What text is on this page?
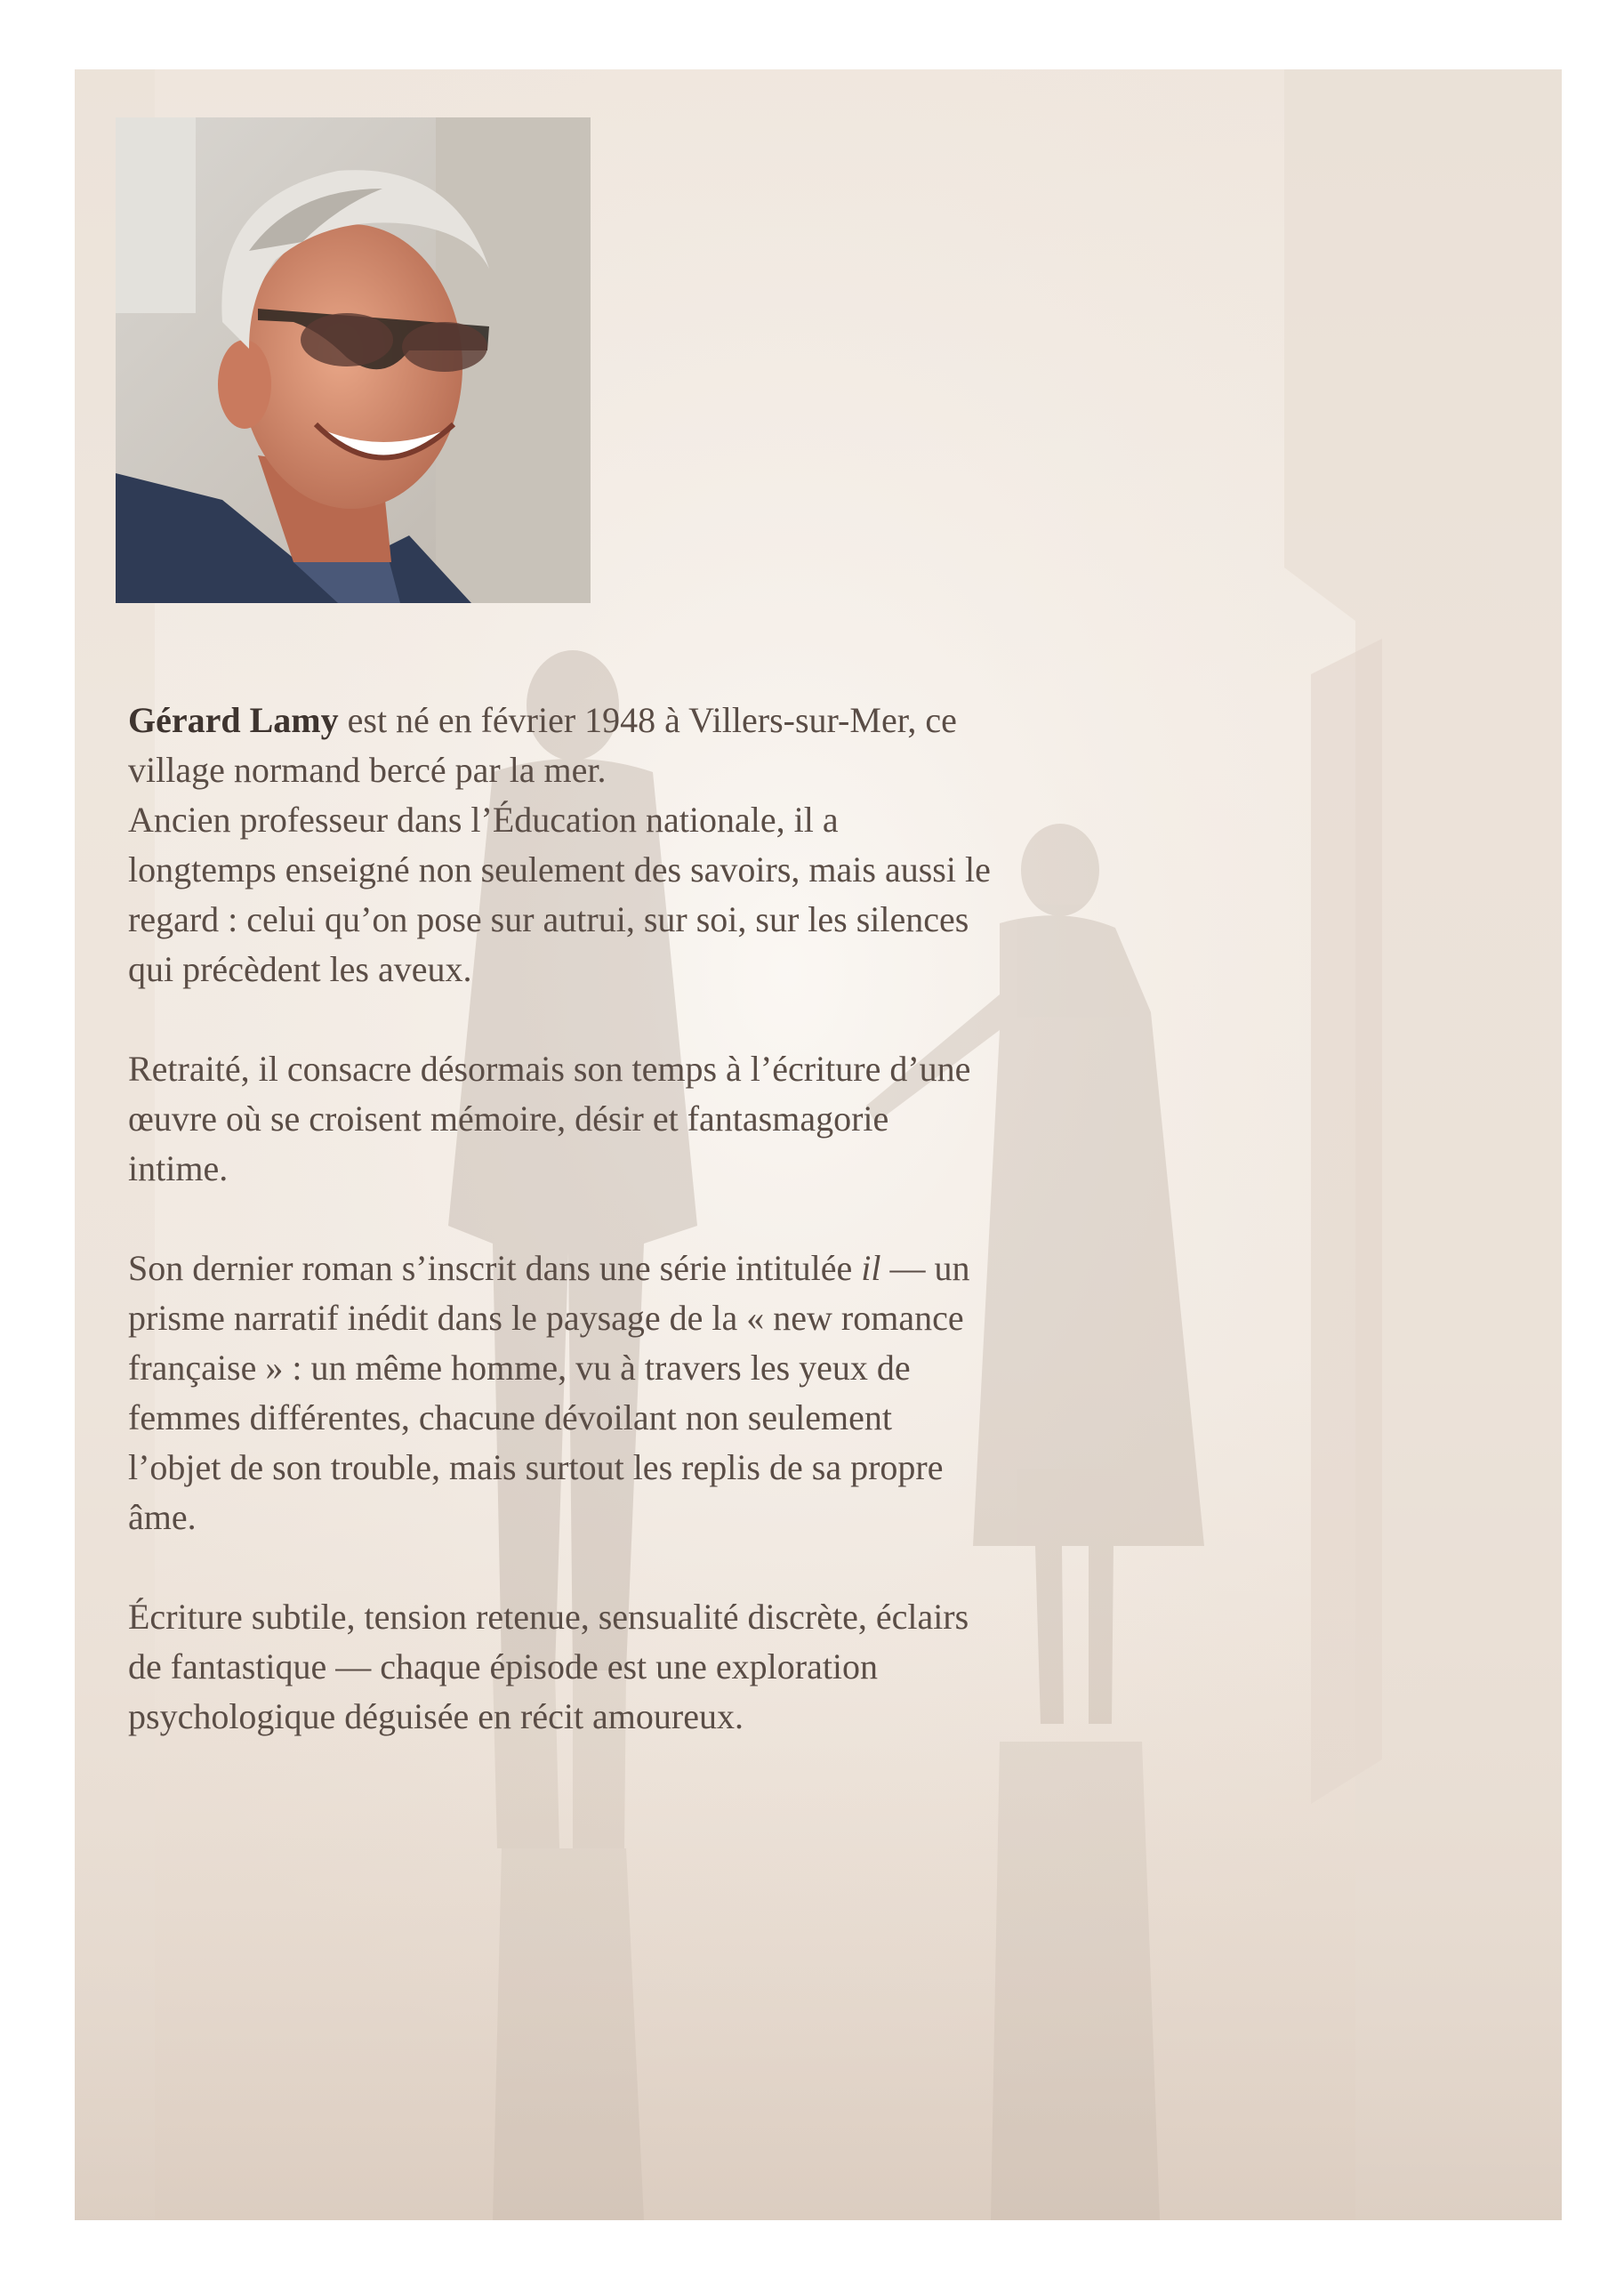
Gérard Lamy est né en février 1948 à Villers-sur-Mer, ce
village normand bercé par la mer.
Ancien professeur dans l’Éducation nationale, il a
longtemps enseigné non seulement des savoirs, mais aussi le
regard : celui qu’on pose sur autrui, sur soi, sur les silences
qui précèdent les aveux.

Retraité, il consacre désormais son temps à l’écriture d’une
œuvre où se croisent mémoire, désir et fantasmagorie
intime.

Son dernier roman s’inscrit dans une série intitulée il — un
prisme narratif inédit dans le paysage de la « new romance
française » : un même homme, vu à travers les yeux de
femmes différentes, chacune dévoilant non seulement
l’objet de son trouble, mais surtout les replis de sa propre
âme.

Écriture subtile, tension retenue, sensualité discrète, éclairs
de fantastique — chaque épisode est une exploration
psychologique déguisée en récit amoureux.
